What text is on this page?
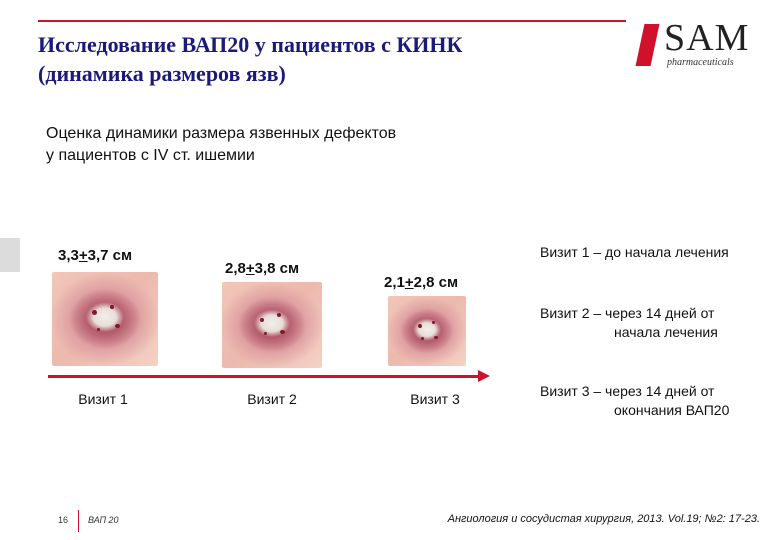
Исследование ВАП20 у пациентов с КИНК
(динамика размеров язв)
SAM
pharmaceuticals
Оценка динамики размера язвенных дефектов
у пациентов с IV ст. ишемии
3,3+3,7 см
2,8+3,8 см
2,1+2,8 см
Визит 1	Визит 2	Визит 3
Визит 1 – до начала лечения
Визит 2 – через 14 дней от
начала лечения
Визит 3 – через 14 дней от
окончания ВАП20
16 ВАП 20	Ангиология и сосудистая хирургия, 2013. Vol.19; №2: 17-23.
